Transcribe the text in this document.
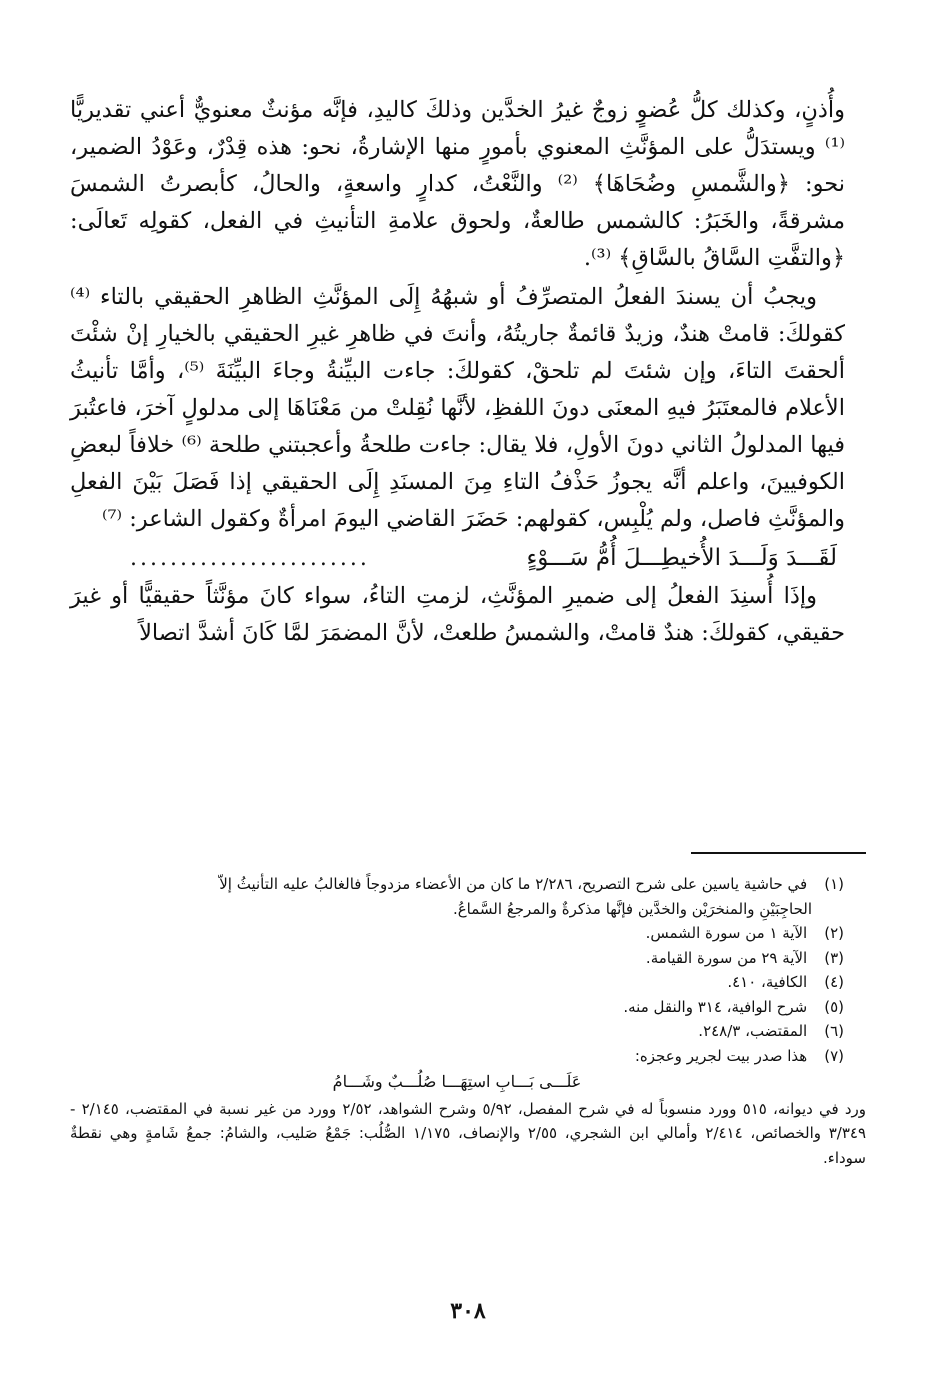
وأُذنٍ، وكذلك كلُّ عُضوٍ زوجٌ غيرُ الخدَّين وذلكَ كاليدِ، فإنَّه مؤنثٌ معنويٌّ أعني تقديريًّا ⁽¹⁾ ويستدَلُّ على المؤنَّثِ المعنوي بأمورٍ منها الإشارةُ، نحو: هذه قِدْرٌ، وعَوْدُ الضمير، نحو: ﴿والشَّمسِ وضُحَاهَا﴾ ⁽²⁾ والنَّعْتُ، كدارٍ واسعةٍ، والحالُ، كأبصرتُ الشمسَ مشرقةً، والخَبَرُ: كالشمس طالعةٌ، ولحوق علامةِ التأنيثِ في الفعل، كقولِه تَعالَى: ﴿والتفَّتِ السَّاقُ بالسَّاقِ﴾ ⁽³⁾.

ويجبُ أن يسندَ الفعلُ المتصرِّفُ أو شبهُهُ إِلَى المؤنَّثِ الظاهرِ الحقيقي بالتاء ⁽⁴⁾ كقولكَ: قامتْ هندٌ، وزيدٌ قائمةٌ جاريتُهُ، وأنتَ في ظاهرِ غيرِ الحقيقي بالخيارِ إنْ شئْتَ ألحقتَ التاءَ، وإن شئتَ لم تلحقْ، كقولكَ: جاءت البيِّنةُ وجاءَ البيِّنَةَ ⁽⁵⁾، وأمَّا تأنيثُ الأعلام فالمعتَبَرُ فيهِ المعنَى دونَ اللفظِ، لأنَّها نُقِلتْ من مَعْنَاهَا إلى مدلولٍ آخرَ، فاعتُبرَ فيها المدلولُ الثاني دونَ الأولِ، فلا يقال: جاءت طلحةُ وأعجبتني طلحة ⁽⁶⁾ خلافاً لبعضِ الكوفيينَ، واعلم أنَّه يجوزُ حَذْفُ التاءِ مِنَ المسنَدِ إِلَى الحقيقي إذا فَصَلَ بَيْنَ الفعلِ والمؤنَّثِ فاصل، ولم يُلْبِس، كقولهم: حَضَرَ القاضي اليومَ امرأةٌ وكقول الشاعر: ⁽⁷⁾

لَقَـــدَ وَلَـــدَ الأُخيطِـــلَ أُمُّ سَـــوْءٍ
........................

وإذَا أُسنِدَ الفعلُ إلى ضميرِ المؤنَّثِ، لزمتِ التاءُ، سواء كانَ مؤنَّثاً حقيقيًّا أو غيرَ حقيقي، كقولكَ: هندٌ قامتْ، والشمسُ طلعتْ، لأنَّ المضمَرَ لمَّا كَانَ أشدَّ اتصالاً

(١) في حاشية ياسين على شرح التصريح، ٢/٢٨٦ ما كان من الأعضاء مزدوجاً فالغالبُ عليه التأنيثُ إلاّ

الحاجِبَيْنِ والمنخرَيْن والخدَّين فإنَّها مذكرةٌ والمرجعُ السَّماعُ.

(٢) الآية ١ من سورة الشمس.

(٣) الآية ٢٩ من سورة القيامة.

(٤) الكافية، ٤١٠.

(٥) شرح الوافية، ٣١٤ والنقل منه.

(٦) المقتضب، ٢٤٨/٣.

(٧) هذا صدر بيت لجرير وعجزه:

عَلَـــى بَـــابِ استِهَـــا صُلُـــبٌ وشَـــامُ

ورد في ديوانه، ٥١٥ وورد منسوباً له في شرح المفصل، ٥/٩٢ وشرح الشواهد، ٢/٥٢ وورد من غير نسبة في المقتضب، ٢/١٤٥ - ٣/٣٤٩ والخصائص، ٢/٤١٤ وأمالي ابن الشجري، ٢/٥٥ والإنصاف، ١/١٧٥ الصُّلُب: جَمْعُ صَليب، والشامُ: جمعُ شَامةٍ وهي نقطةٌ سوداء.

٣٠٨
